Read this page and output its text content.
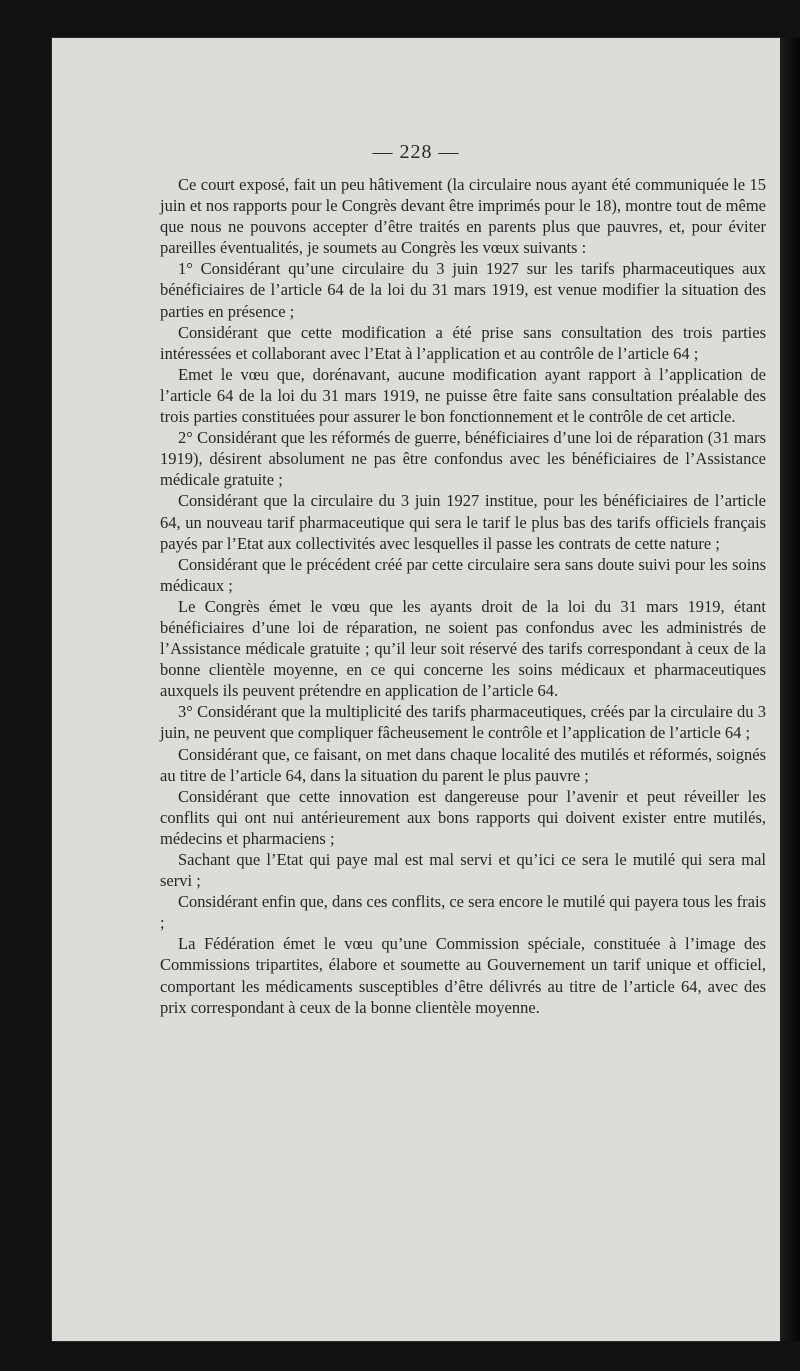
— 228 —

Ce court exposé, fait un peu hâtivement (la circulaire nous ayant été communiquée le 15 juin et nos rapports pour le Congrès devant être imprimés pour le 18), montre tout de même que nous ne pouvons accepter d’être traités en parents plus que pauvres, et, pour éviter pareilles éventualités, je soumets au Congrès les vœux suivants :

1° Considérant qu’une circulaire du 3 juin 1927 sur les tarifs pharmaceutiques aux bénéficiaires de l’article 64 de la loi du 31 mars 1919, est venue modifier la situation des parties en présence ;

Considérant que cette modification a été prise sans consultation des trois parties intéressées et collaborant avec l’Etat à l’application et au contrôle de l’article 64 ;

Emet le vœu que, dorénavant, aucune modification ayant rapport à l’application de l’article 64 de la loi du 31 mars 1919, ne puisse être faite sans consultation préalable des trois parties constituées pour assurer le bon fonctionnement et le contrôle de cet article.

2° Considérant que les réformés de guerre, bénéficiaires d’une loi de réparation (31 mars 1919), désirent absolument ne pas être confondus avec les bénéficiaires de l’Assistance médicale gratuite ;

Considérant que la circulaire du 3 juin 1927 institue, pour les bénéficiaires de l’article 64, un nouveau tarif pharmaceutique qui sera le tarif le plus bas des tarifs officiels français payés par l’Etat aux collectivités avec lesquelles il passe les contrats de cette nature ;

Considérant que le précédent créé par cette circulaire sera sans doute suivi pour les soins médicaux ;

Le Congrès émet le vœu que les ayants droit de la loi du 31 mars 1919, étant bénéficiaires d’une loi de réparation, ne soient pas confondus avec les administrés de l’Assistance médicale gratuite ; qu’il leur soit réservé des tarifs correspondant à ceux de la bonne clientèle moyenne, en ce qui concerne les soins médicaux et pharmaceutiques auxquels ils peuvent prétendre en application de l’article 64.

3° Considérant que la multiplicité des tarifs pharmaceutiques, créés par la circulaire du 3 juin, ne peuvent que compliquer fâcheusement le contrôle et l’application de l’article 64 ;

Considérant que, ce faisant, on met dans chaque localité des mutilés et réformés, soignés au titre de l’article 64, dans la situation du parent le plus pauvre ;

Considérant que cette innovation est dangereuse pour l’avenir et peut réveiller les conflits qui ont nui antérieurement aux bons rapports qui doivent exister entre mutilés, médecins et pharmaciens ;

Sachant que l’Etat qui paye mal est mal servi et qu’ici ce sera le mutilé qui sera mal servi ;

Considérant enfin que, dans ces conflits, ce sera encore le mutilé qui payera tous les frais ;

La Fédération émet le vœu qu’une Commission spéciale, constituée à l’image des Commissions tripartites, élabore et soumette au Gouvernement un tarif unique et officiel, comportant les médicaments susceptibles d’être délivrés au titre de l’article 64, avec des prix correspondant à ceux de la bonne clientèle moyenne.
